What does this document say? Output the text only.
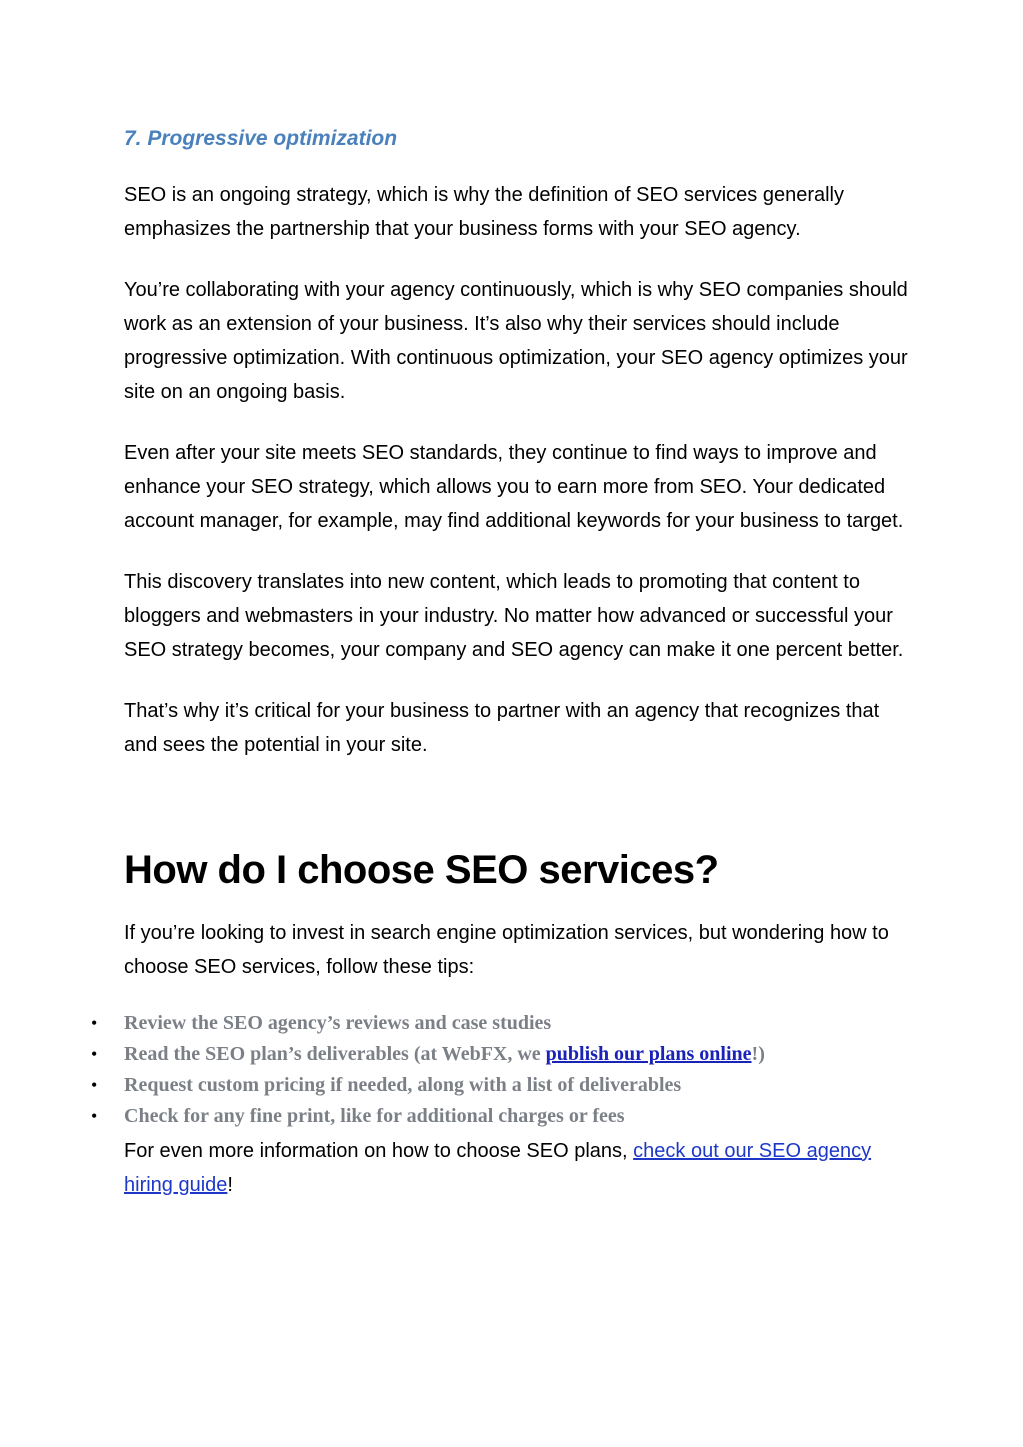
7. Progressive optimization

SEO is an ongoing strategy, which is why the definition of SEO services generally emphasizes the partnership that your business forms with your SEO agency.

You’re collaborating with your agency continuously, which is why SEO companies should work as an extension of your business. It’s also why their services should include progressive optimization. With continuous optimization, your SEO agency optimizes your site on an ongoing basis.

Even after your site meets SEO standards, they continue to find ways to improve and enhance your SEO strategy, which allows you to earn more from SEO. Your dedicated account manager, for example, may find additional keywords for your business to target.

This discovery translates into new content, which leads to promoting that content to bloggers and webmasters in your industry. No matter how advanced or successful your SEO strategy becomes, your company and SEO agency can make it one percent better.

That’s why it’s critical for your business to partner with an agency that recognizes that and sees the potential in your site.

How do I choose SEO services?

If you’re looking to invest in search engine optimization services, but wondering how to choose SEO services, follow these tips:

• Review the SEO agency’s reviews and case studies
• Read the SEO plan’s deliverables (at WebFX, we publish our plans online!)
• Request custom pricing if needed, along with a list of deliverables
• Check for any fine print, like for additional charges or fees

For even more information on how to choose SEO plans, check out our SEO agency hiring guide!
